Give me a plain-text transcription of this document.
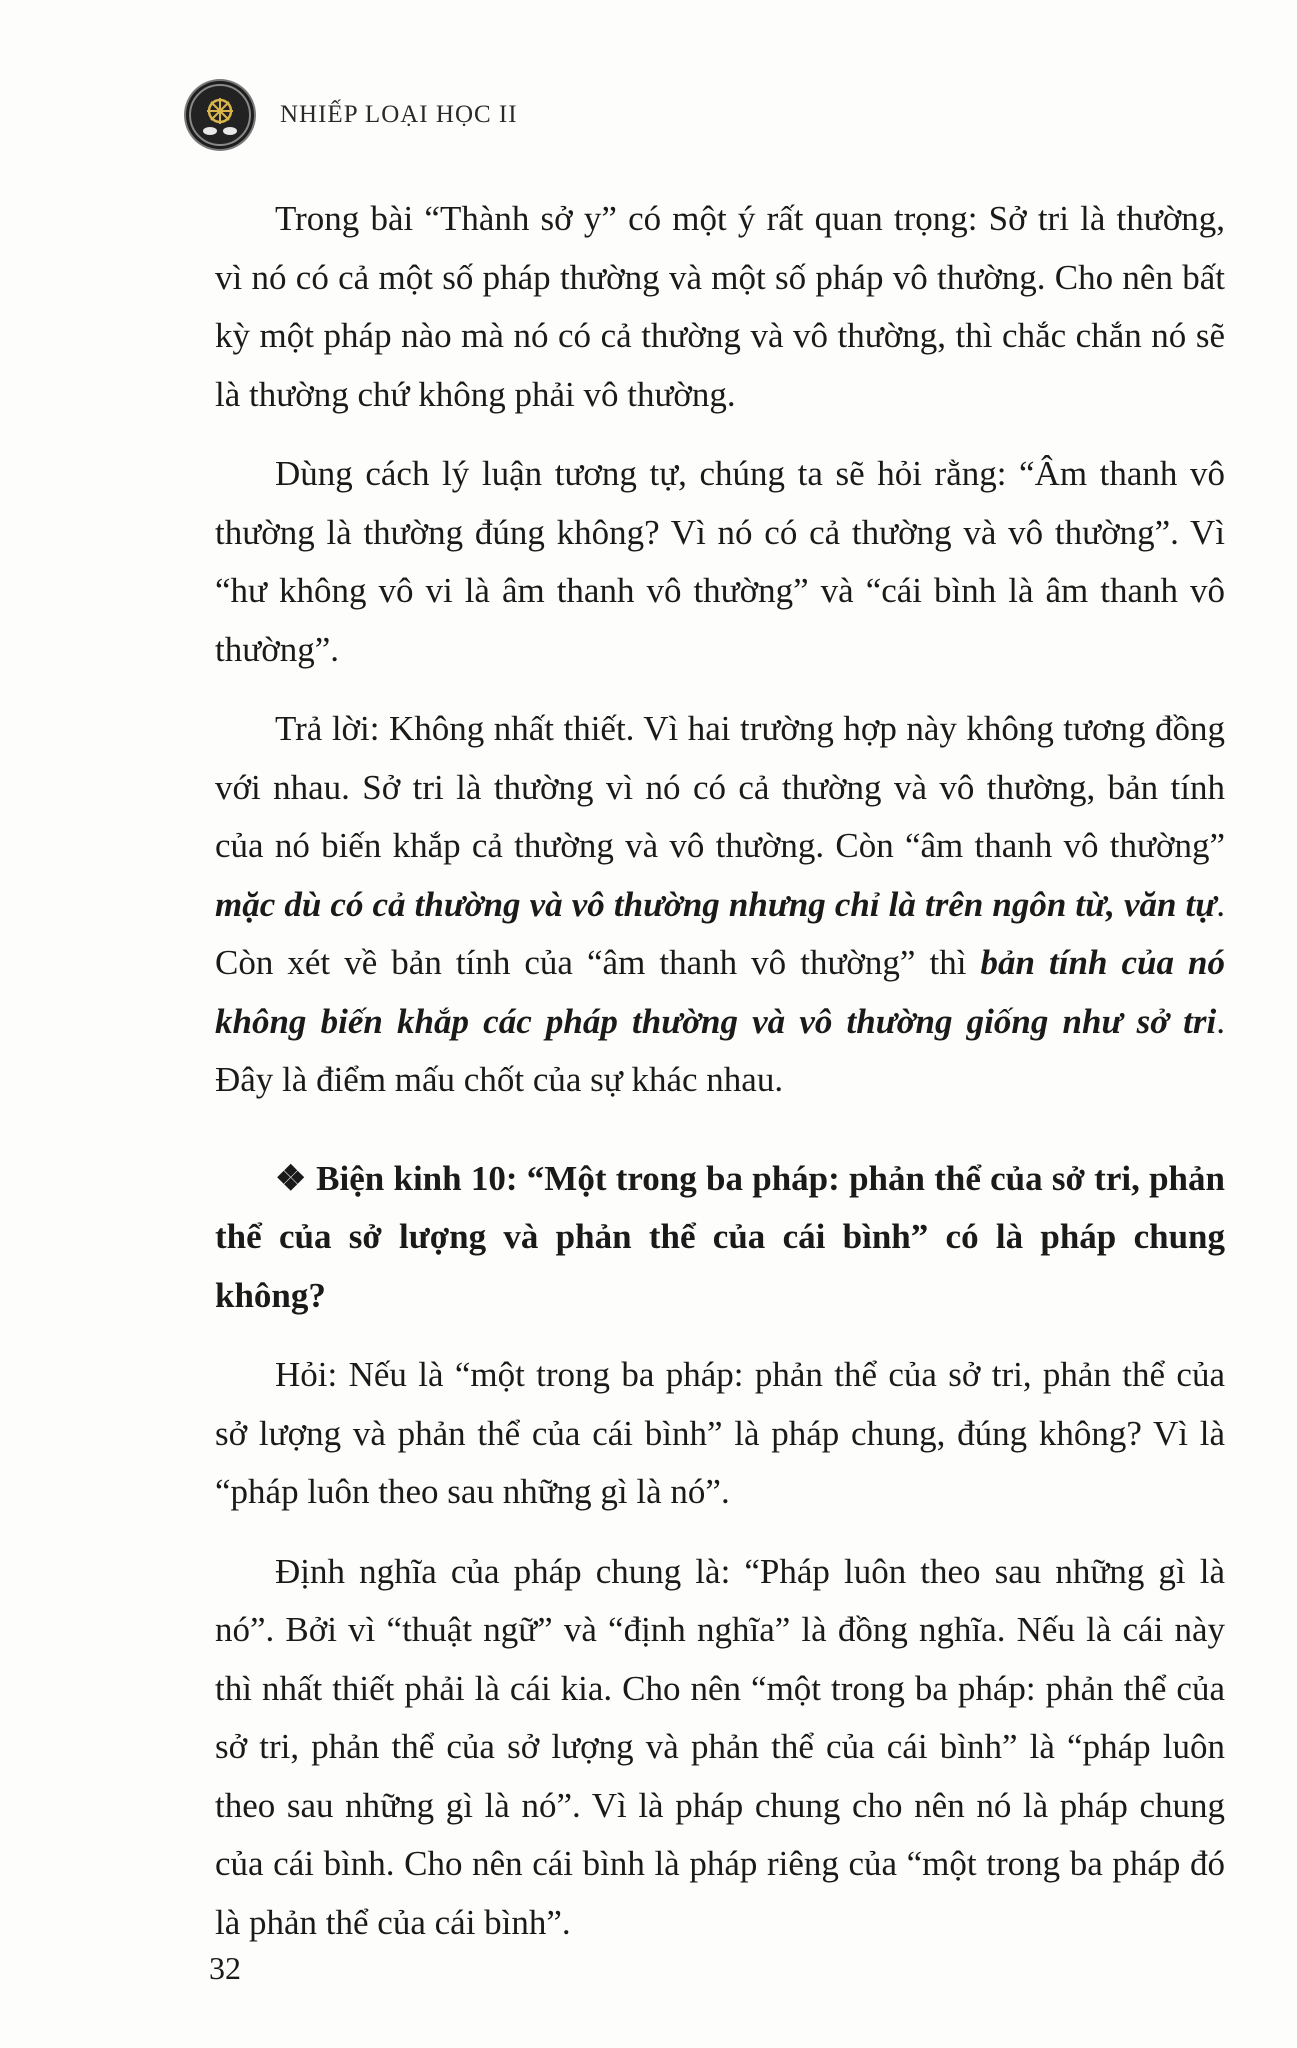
NHIẾP LOẠI HỌC II

Trong bài “Thành sở y” có một ý rất quan trọng: Sở tri là thường, vì nó có cả một số pháp thường và một số pháp vô thường. Cho nên bất kỳ một pháp nào mà nó có cả thường và vô thường, thì chắc chắn nó sẽ là thường chứ không phải vô thường.

Dùng cách lý luận tương tự, chúng ta sẽ hỏi rằng: “Âm thanh vô thường là thường đúng không? Vì nó có cả thường và vô thường”. Vì “hư không vô vi là âm thanh vô thường” và “cái bình là âm thanh vô thường”.

Trả lời: Không nhất thiết. Vì hai trường hợp này không tương đồng với nhau. Sở tri là thường vì nó có cả thường và vô thường, bản tính của nó biến khắp cả thường và vô thường. Còn “âm thanh vô thường” mặc dù có cả thường và vô thường nhưng chỉ là trên ngôn từ, văn tự. Còn xét về bản tính của “âm thanh vô thường” thì bản tính của nó không biến khắp các pháp thường và vô thường giống như sở tri. Đây là điểm mấu chốt của sự khác nhau.

❖ Biện kinh 10: “Một trong ba pháp: phản thể của sở tri, phản thể của sở lượng và phản thể của cái bình” có là pháp chung không?

Hỏi: Nếu là “một trong ba pháp: phản thể của sở tri, phản thể của sở lượng và phản thể của cái bình” là pháp chung, đúng không? Vì là “pháp luôn theo sau những gì là nó”.

Định nghĩa của pháp chung là: “Pháp luôn theo sau những gì là nó”. Bởi vì “thuật ngữ” và “định nghĩa” là đồng nghĩa. Nếu là cái này thì nhất thiết phải là cái kia. Cho nên “một trong ba pháp: phản thể của sở tri, phản thể của sở lượng và phản thể của cái bình” là “pháp luôn theo sau những gì là nó”. Vì là pháp chung cho nên nó là pháp chung của cái bình. Cho nên cái bình là pháp riêng của “một trong ba pháp đó là phản thể của cái bình”.

32
